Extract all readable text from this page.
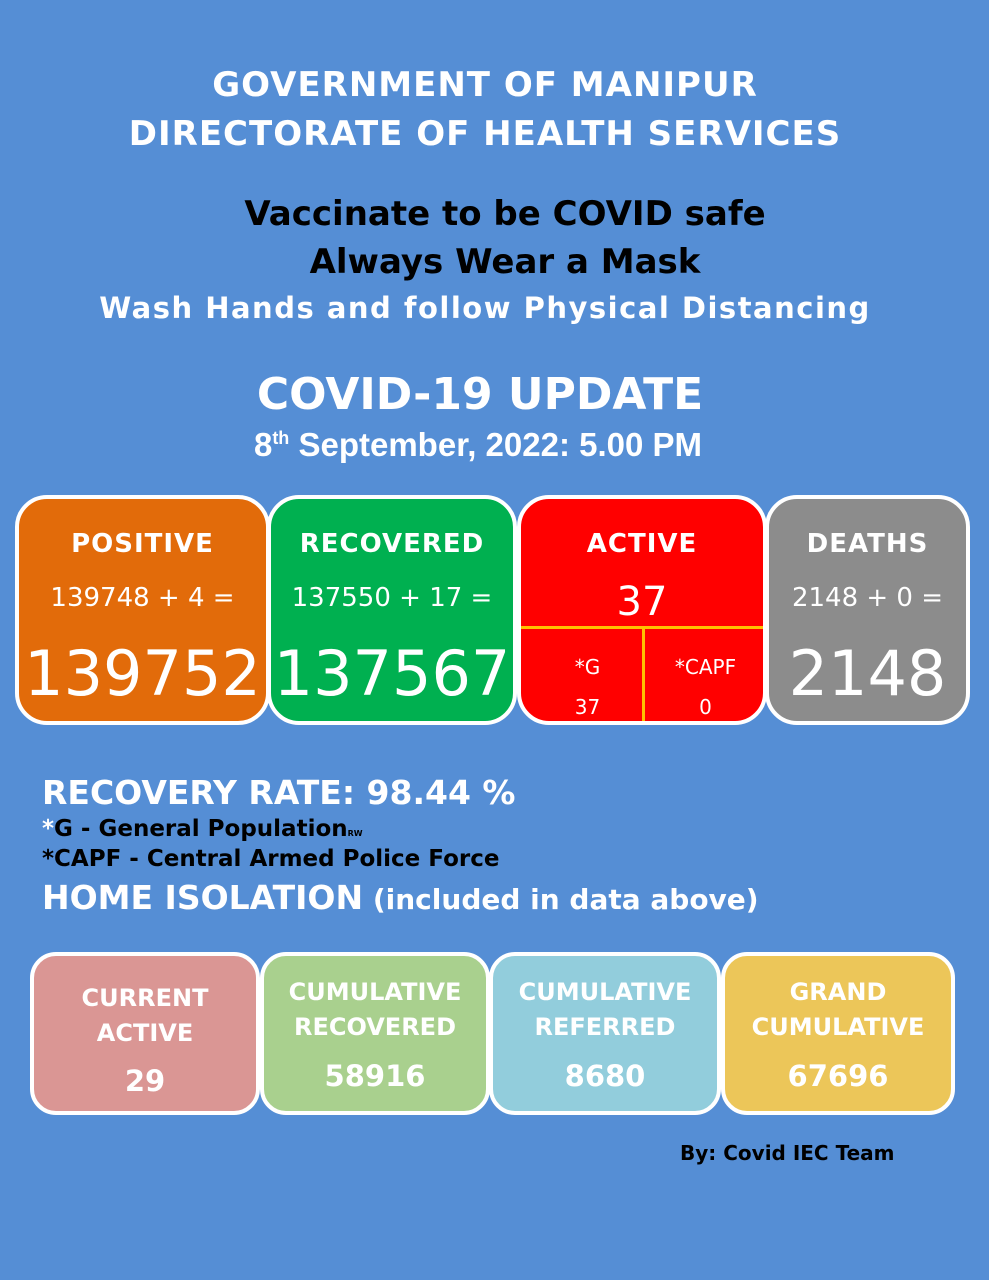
GOVERNMENT OF MANIPUR
DIRECTORATE OF HEALTH SERVICES
Vaccinate to be COVID safe
Always Wear a Mask
Wash Hands and follow Physical Distancing
COVID-19 UPDATE
8th September, 2022: 5.00 PM
POSITIVE
139748 + 4 =
139752
RECOVERED
137550 + 17 =
137567
ACTIVE
37
*G
37
*CAPF
0
DEATHS
2148 + 0 =
2148
RECOVERY RATE: 98.44 %
*G - General PopulationRW
*CAPF - Central Armed Police Force
HOME ISOLATION (included in data above)
CURRENT
ACTIVE
29
CUMULATIVE
RECOVERED
58916
CUMULATIVE
REFERRED
8680
GRAND
CUMULATIVE
67696
By: Covid IEC Team
